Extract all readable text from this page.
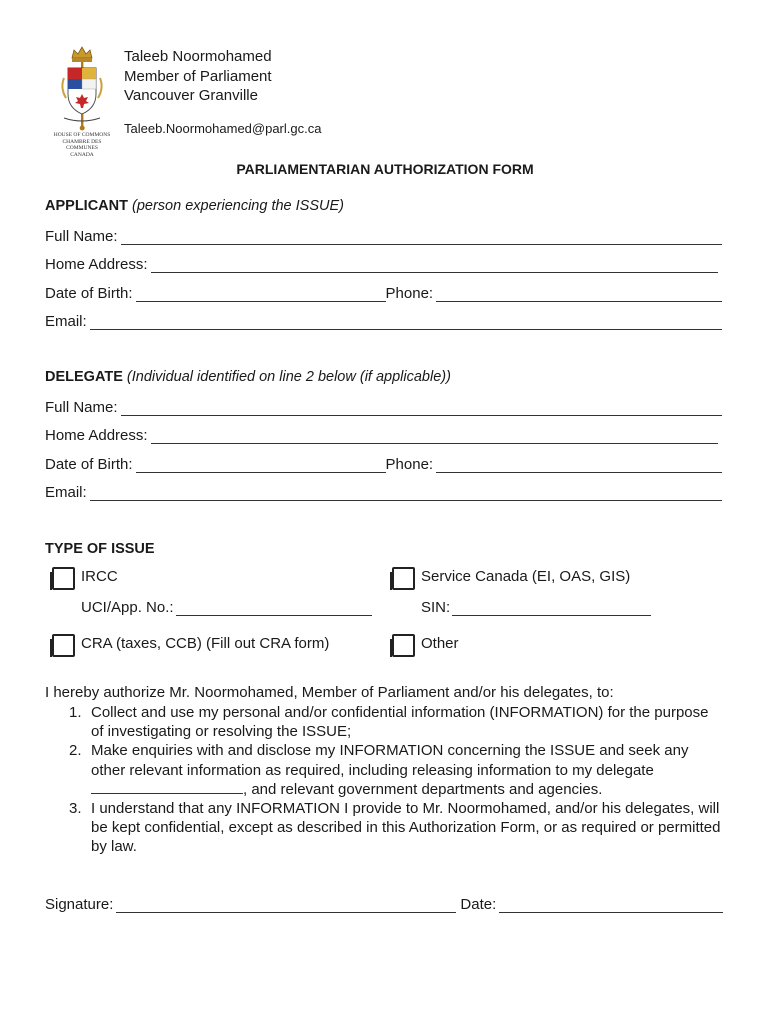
HOUSE OF COMMONS
CHAMBRE DES COMMUNES
CANADA
Taleeb Noormohamed
Member of Parliament
Vancouver Granville
Taleeb.Noormohamed@parl.gc.ca
PARLIAMENTARIAN AUTHORIZATION FORM
APPLICANT (person experiencing the ISSUE)
Full Name:
Home Address:
Date of Birth:	Phone:
Email:
DELEGATE (Individual identified on line 2 below (if applicable))
Full Name:
Home Address:
Date of Birth:	Phone:
Email:
TYPE OF ISSUE
IRCC	Service Canada (EI, OAS, GIS)
UCI/App. No.:	SIN:
CRA (taxes, CCB) (Fill out CRA form)	Other
I hereby authorize Mr. Noormohamed, Member of Parliament and/or his delegates, to:
1. Collect and use my personal and/or confidential information (INFORMATION) for the purpose of investigating or resolving the ISSUE;
2. Make enquiries with and disclose my INFORMATION concerning the ISSUE and seek any other relevant information as required, including releasing information to my delegate , and relevant government departments and agencies.
3. I understand that any INFORMATION I provide to Mr. Noormohamed, and/or his delegates, will be kept confidential, except as described in this Authorization Form, or as required or permitted by law.
Signature:	Date:
